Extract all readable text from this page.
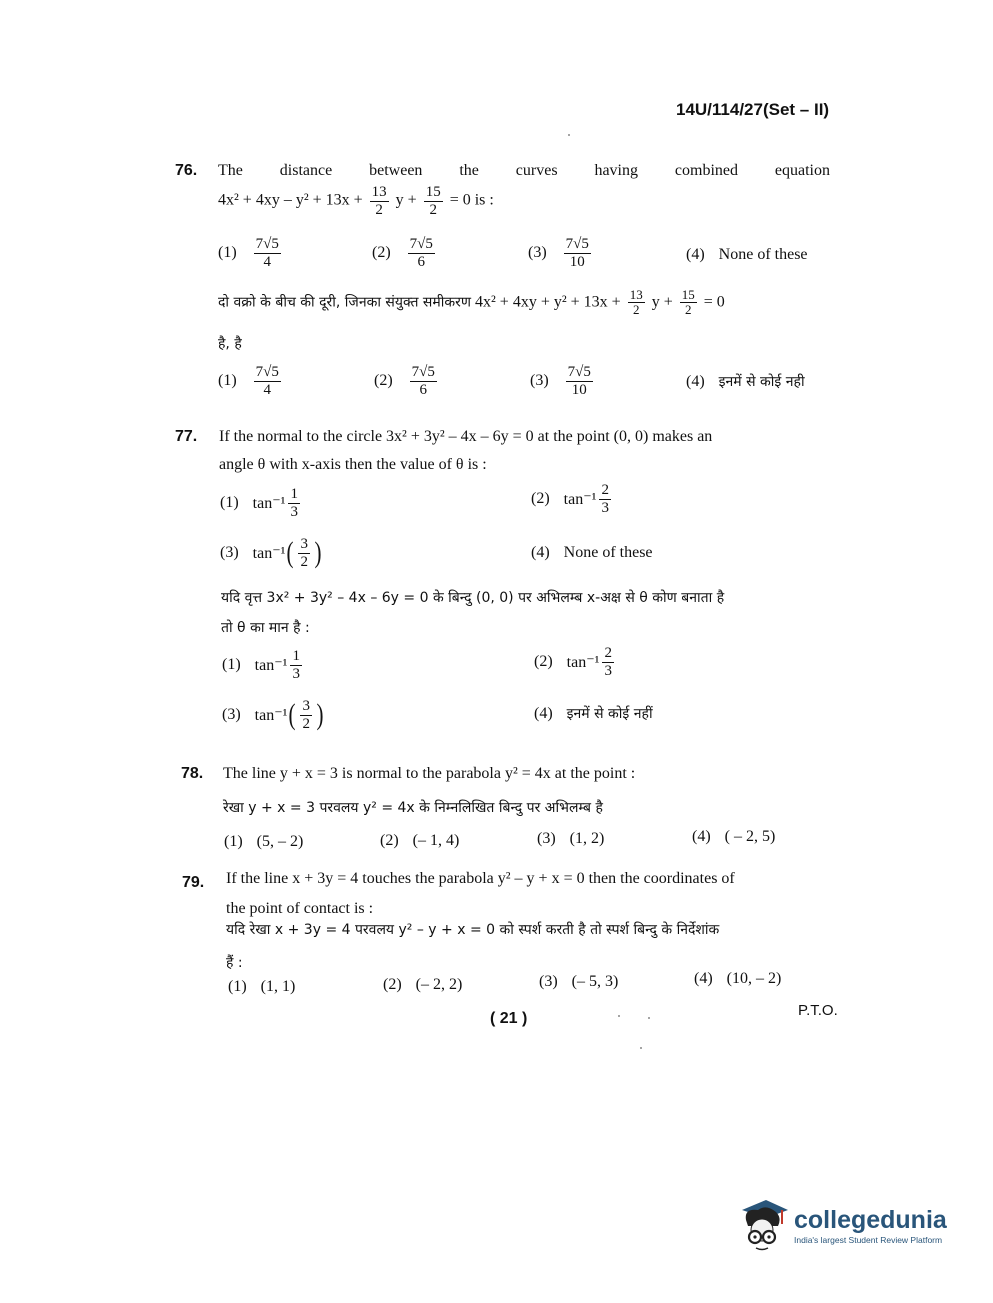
14U/114/27(Set – II)
76. The distance between the curves having combined equation
$4x^2 + 4xy - y^2 + 13x + \frac{13}{2}$ $y + \frac{15}{2} = 0$ is :
$(1) \frac{7√5}{4}$	$(2) \frac{7√5}{6}$	$(3) \frac{7√5}{10}$	(4) None of these
दो वक्रो के बीच की दूरी, जिनका संयुक्त समीकरण $4x^2 + 4xy + y^2 + 13x + \frac{13}{2}$ $y + \frac{15}{2} = 0$
है, है
$(1) \frac{7√5}{4}$	$(2) \frac{7√5}{6}$	$(3) \frac{7√5}{10}$	(4) इनमें से कोई नही
77. If the normal to the circle 3x² + 3y² – 4x – 6y = 0 at the point (0, 0) makes an
angle θ with x-axis then the value of θ is :
(1) $\tan^{-1} \frac{1}{3}$	(2) $\tan^{-1} \frac{2}{3}$
(3) tan⁻¹ ( $\frac{3}{2}$ )	(4) None of these
यदि वृत्त 3x² + 3y² – 4x – 6y = 0 के बिन्दु (0, 0) पर अभिलम्ब x-अक्ष से θ कोण बनाता है
तो θ का मान है :
(1) $\tan^{-1} \frac{1}{3}$	(2) $\tan^{-1} \frac{2}{3}$
(3) tan⁻¹ ( $\frac{3}{2}$ )	(4) इनमें से कोई नहीं
78. The line y + x = 3 is normal to the parabola y² = 4x at the point :
रेखा y + x = 3 परवलय y² = 4x के निम्नलिखित बिन्दु पर अभिलम्ब है
(1) (5, – 2)	(2) (– 1, 4)	(3) (1, 2)	(4) ( – 2, 5)
79. If the line x + 3y = 4 touches the parabola y² – y + x = 0 then the coordinates of
the point of contact is :
यदि रेखा x + 3y = 4 परवलय y² – y + x = 0 को स्पर्श करती है तो स्पर्श बिन्दु के निर्देशांक
हैं :
(1) (1, 1)	(2) (– 2, 2)	(3) (– 5, 3)	(4) (10, – 2)
( 21 )	P.T.O.
collegedunia
India's largest Student Review Platform
